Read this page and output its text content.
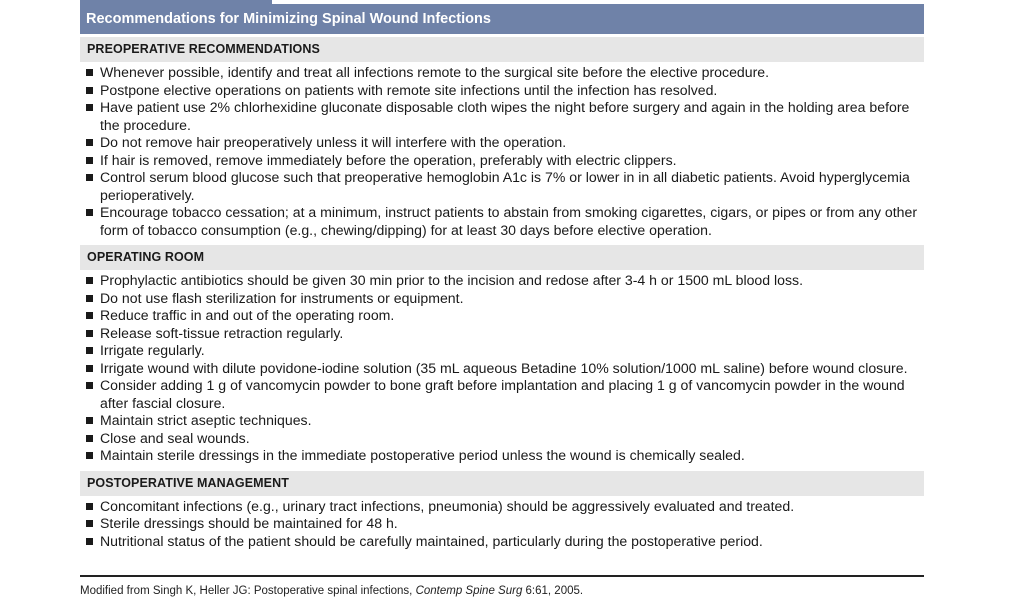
Recommendations for Minimizing Spinal Wound Infections
PREOPERATIVE RECOMMENDATIONS
Whenever possible, identify and treat all infections remote to the surgical site before the elective procedure.
Postpone elective operations on patients with remote site infections until the infection has resolved.
Have patient use 2% chlorhexidine gluconate disposable cloth wipes the night before surgery and again in the holding area before the procedure.
Do not remove hair preoperatively unless it will interfere with the operation.
If hair is removed, remove immediately before the operation, preferably with electric clippers.
Control serum blood glucose such that preoperative hemoglobin A1c is 7% or lower in in all diabetic patients. Avoid hyperglycemia perioperatively.
Encourage tobacco cessation; at a minimum, instruct patients to abstain from smoking cigarettes, cigars, or pipes or from any other form of tobacco consumption (e.g., chewing/dipping) for at least 30 days before elective operation.
OPERATING ROOM
Prophylactic antibiotics should be given 30 min prior to the incision and redose after 3-4 h or 1500 mL blood loss.
Do not use flash sterilization for instruments or equipment.
Reduce traffic in and out of the operating room.
Release soft-tissue retraction regularly.
Irrigate regularly.
Irrigate wound with dilute povidone-iodine solution (35 mL aqueous Betadine 10% solution/1000 mL saline) before wound closure.
Consider adding 1 g of vancomycin powder to bone graft before implantation and placing 1 g of vancomycin powder in the wound after fascial closure.
Maintain strict aseptic techniques.
Close and seal wounds.
Maintain sterile dressings in the immediate postoperative period unless the wound is chemically sealed.
POSTOPERATIVE MANAGEMENT
Concomitant infections (e.g., urinary tract infections, pneumonia) should be aggressively evaluated and treated.
Sterile dressings should be maintained for 48 h.
Nutritional status of the patient should be carefully maintained, particularly during the postoperative period.
Modified from Singh K, Heller JG: Postoperative spinal infections, Contemp Spine Surg 6:61, 2005.
